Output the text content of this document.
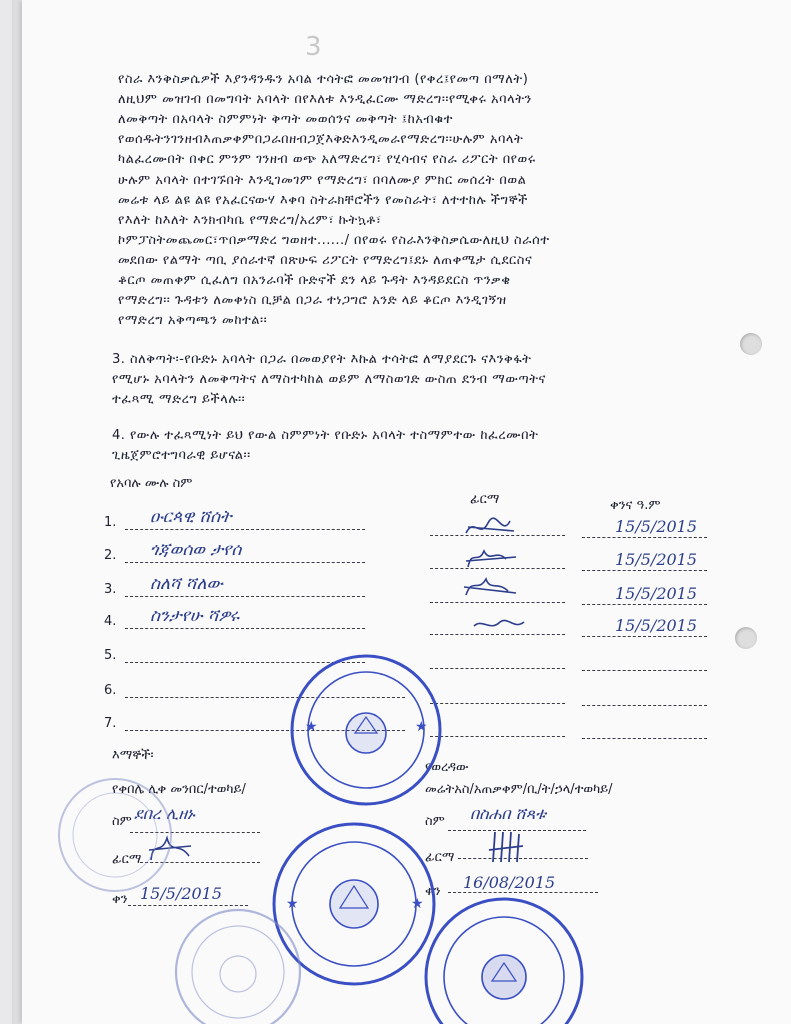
3
የስራ እንቅስቃሴዎች እያንዳንዱን አባል ተሳትፎ መመዝገብ (የቀረ፤የመጣ በማለት)
ለዚህም መዝገብ በመግባት አባላት በየእለቱ እንዲፈርሙ ማድረግ፡፡የሚቀሩ አባላትን
ለመቅጣት በአባላት ስምምነት ቅጣት መወሰንና መቅጣት ፤ከአብቁተ
የወሰዱትንገንዘብእጠቃቀምበጋራበዘብጋጀእቅድእንዲመራየማድረግ፡፡ሁሉም አባላት
ካልፈረሙበት በቀር ምንም ገንዘብ ወጭ አለማድረግ፣ የሂሳብና የስራ ሪፖርት በየወሩ
ሁሉም አባላት በተገኙበት እንዲገመገም የማድረግ፣ በባለሙያ ምክር መሰረት በወል
መሬቱ ላይ ልዩ ልዩ የአፈርናውሃ እቀባ ስትራክቸሮችን የመስራት፣ ለተተከሉ ችግኞች
የእለት ከእለት እንክብካቤ የማድረግ/አረም፣ ኩትኳቶ፣
ኮምፓስትመጨመር፣ጥበቃማድረ ግወዘተ....../ በየወሩ የስራእንቅስቃሴውለዚህ ስራሰተ
መደበው የልማት ጣቢ ያሰራተኛ በጽሁፍ ሪፖርት የማድረግ፤ደኑ ለጠቀሜታ ሲደርስና
ቆርጦ መጠቀም ሲፈለግ በአንራባች ቡድኖች ደን ላይ ጉዳት እንዳይደርስ ጥንቃቄ
የማድረግ፡፡ ጉዳቱን ለመቀነስ ቢቻል በጋራ ተነጋግሮ አንድ ላይ ቆርጦ እንዲገኝዝ
የማድረግ አቅጣጫን መከተል፡፡
3. ስለቅጣት፡-የቡድኑ አባላት በጋራ በመወያየት እኩል ተሳትፎ ለማያደርጉ ናእንቅፋት
የሚሆኑ አባላትን ለመቅጣትና ለማስተካከል ወይም ለማስወገድ ውስጠ ደንብ ማውጣትና
ተፈጻሚ ማድረግ ይችላሉ፡፡
4. የውሉ ተፈጻሚነት ይህ የውል ስምምነት የቡድኑ አባላት ተስማምተው ከፈረሙበት
ጊዜጀምሮተግባራዊ ይሆናል፡፡
የአባሉ ሙሉ ስም
ፊርማ	ቀንና ዓ.ም
1. ዑርጳዊ ሸሰት	15/5/2015
2. ጎጃወሰወ ታየሰ	15/5/2015
3. ስለሻ ሻለው	15/5/2015
4. ስንታየሁ ሻዎሩ	15/5/2015
5.
6.
7.
እማኞች፡
የቀበሌ ሊቀ መንበር/ተወካይ/
ስም ደበረ ሊዘኑ
ፊርማ
ቀን 15/5/2015
የወረዳው
መሬትአስ/አጠቃቀም/ቢ/ት/ኃላ/ተወካይ/
ስም በስሐበ ሸጻቱ
ፊርማ
ቀን 16/08/2015
★	★
★	★
